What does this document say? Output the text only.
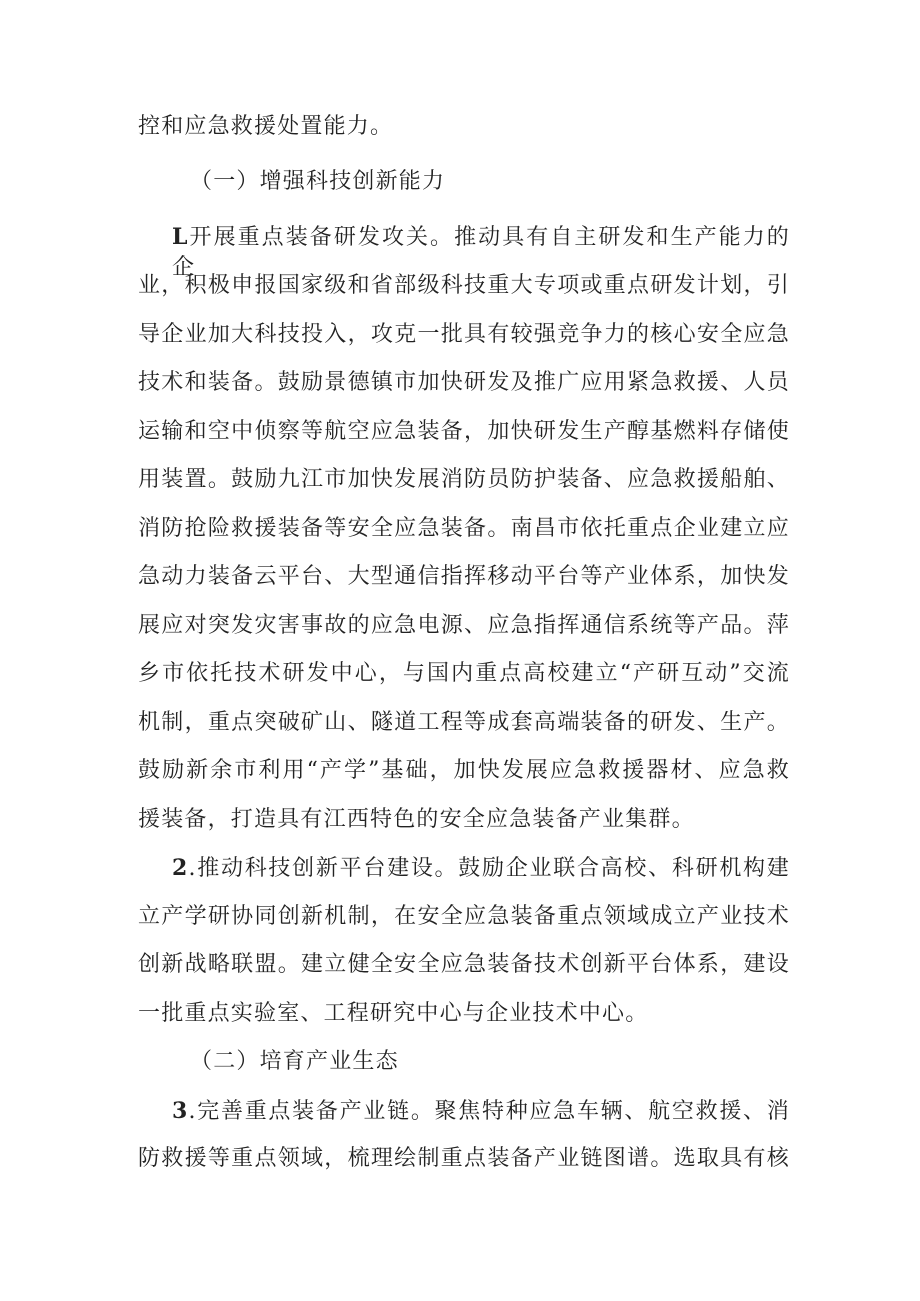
控和应急救援处置能力。
（一）增强科技创新能力
L开展重点装备研发攻关。推动具有自主研发和生产能力的企
业，积极申报国家级和省部级科技重大专项或重点研发计划，引
导企业加大科技投入，攻克一批具有较强竞争力的核心安全应急
技术和装备。鼓励景德镇市加快研发及推广应用紧急救援、人员
运输和空中侦察等航空应急装备，加快研发生产醇基燃料存储使
用装置。鼓励九江市加快发展消防员防护装备、应急救援船舶、
消防抢险救援装备等安全应急装备。南昌市依托重点企业建立应
急动力装备云平台、大型通信指挥移动平台等产业体系，加快发
展应对突发灾害事故的应急电源、应急指挥通信系统等产品。萍
乡市依托技术研发中心，与国内重点高校建立“产研互动”交流
机制，重点突破矿山、隧道工程等成套高端装备的研发、生产。
鼓励新余市利用“产学”基础，加快发展应急救援器材、应急救
援装备，打造具有江西特色的安全应急装备产业集群。
2.推动科技创新平台建设。鼓励企业联合高校、科研机构建
立产学研协同创新机制，在安全应急装备重点领域成立产业技术
创新战略联盟。建立健全安全应急装备技术创新平台体系，建设
一批重点实验室、工程研究中心与企业技术中心。
（二）培育产业生态
3.完善重点装备产业链。聚焦特种应急车辆、航空救援、消
防救援等重点领域，梳理绘制重点装备产业链图谱。选取具有核
